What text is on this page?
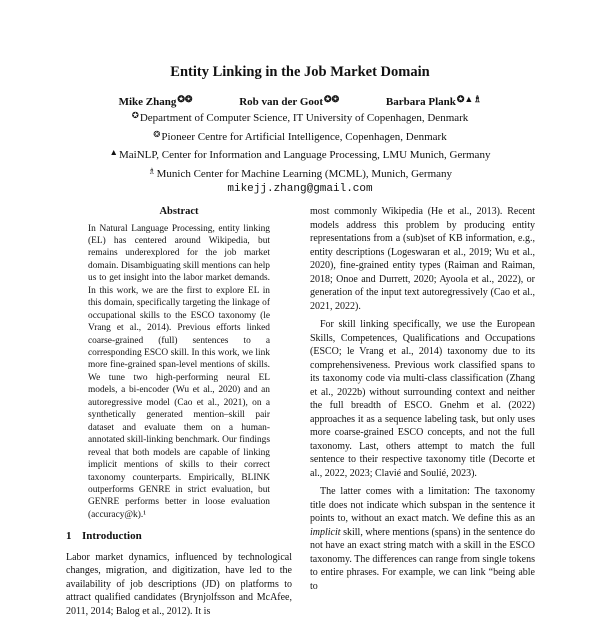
Entity Linking in the Job Market Domain
Mike Zhang✪❂	Rob van der Goot✪❂	Barbara Plank✪▲♗
✪Department of Computer Science, IT University of Copenhagen, Denmark
❂Pioneer Centre for Artificial Intelligence, Copenhagen, Denmark
▲MaiNLP, Center for Information and Language Processing, LMU Munich, Germany
♗Munich Center for Machine Learning (MCML), Munich, Germany
mikejj.zhang@gmail.com
Abstract
In Natural Language Processing, entity linking (EL) has centered around Wikipedia, but remains underexplored for the job market domain. Disambiguating skill mentions can help us to get insight into the labor market demands. In this work, we are the first to explore EL in this domain, specifically targeting the linkage of occupational skills to the ESCO taxonomy (le Vrang et al., 2014). Previous efforts linked coarse-grained (full) sentences to a corresponding ESCO skill. In this work, we link more fine-grained span-level mentions of skills. We tune two high-performing neural EL models, a bi-encoder (Wu et al., 2020) and an autoregressive model (Cao et al., 2021), on a synthetically generated mention–skill pair dataset and evaluate them on a human-annotated skill-linking benchmark. Our findings reveal that both models are capable of linking implicit mentions of skills to their correct taxonomy counterparts. Empirically, BLINK outperforms GENRE in strict evaluation, but GENRE performs better in loose evaluation (accuracy@k).¹
1 Introduction

Labor market dynamics, influenced by technological changes, migration, and digitization, have led to the availability of job descriptions (JD) on platforms to attract qualified candidates (Brynjolfsson and McAfee, 2011, 2014; Balog et al., 2012). It is

most commonly Wikipedia (He et al., 2013). Recent models address this problem by producing entity representations from a (sub)set of KB information, e.g., entity descriptions (Logeswaran et al., 2019; Wu et al., 2020), fine-grained entity types (Raiman and Raiman, 2018; Onoe and Durrett, 2020; Ayoola et al., 2022), or generation of the input text autoregressively (Cao et al., 2021, 2022).

For skill linking specifically, we use the European Skills, Competences, Qualifications and Occupations (ESCO; le Vrang et al., 2014) taxonomy due to its comprehensiveness. Previous work classified spans to its taxonomy code via multi-class classification (Zhang et al., 2022b) without surrounding context and neither the full breadth of ESCO. Gnehm et al. (2022) approaches it as a sequence labeling task, but only uses more coarse-grained ESCO concepts, and not the full taxonomy. Last, others attempt to match the full sentence to their respective taxonomy title (Decorte et al., 2022, 2023; Clavié and Soulié, 2023).

The latter comes with a limitation: The taxonomy title does not indicate which subspan in the sentence it points to, without an exact match. We define this as an implicit skill, where mentions (spans) in the sentence do not have an exact string match with a skill in the ESCO taxonomy. The differences can range from single tokens to entire phrases. For example, we can link “being able to
